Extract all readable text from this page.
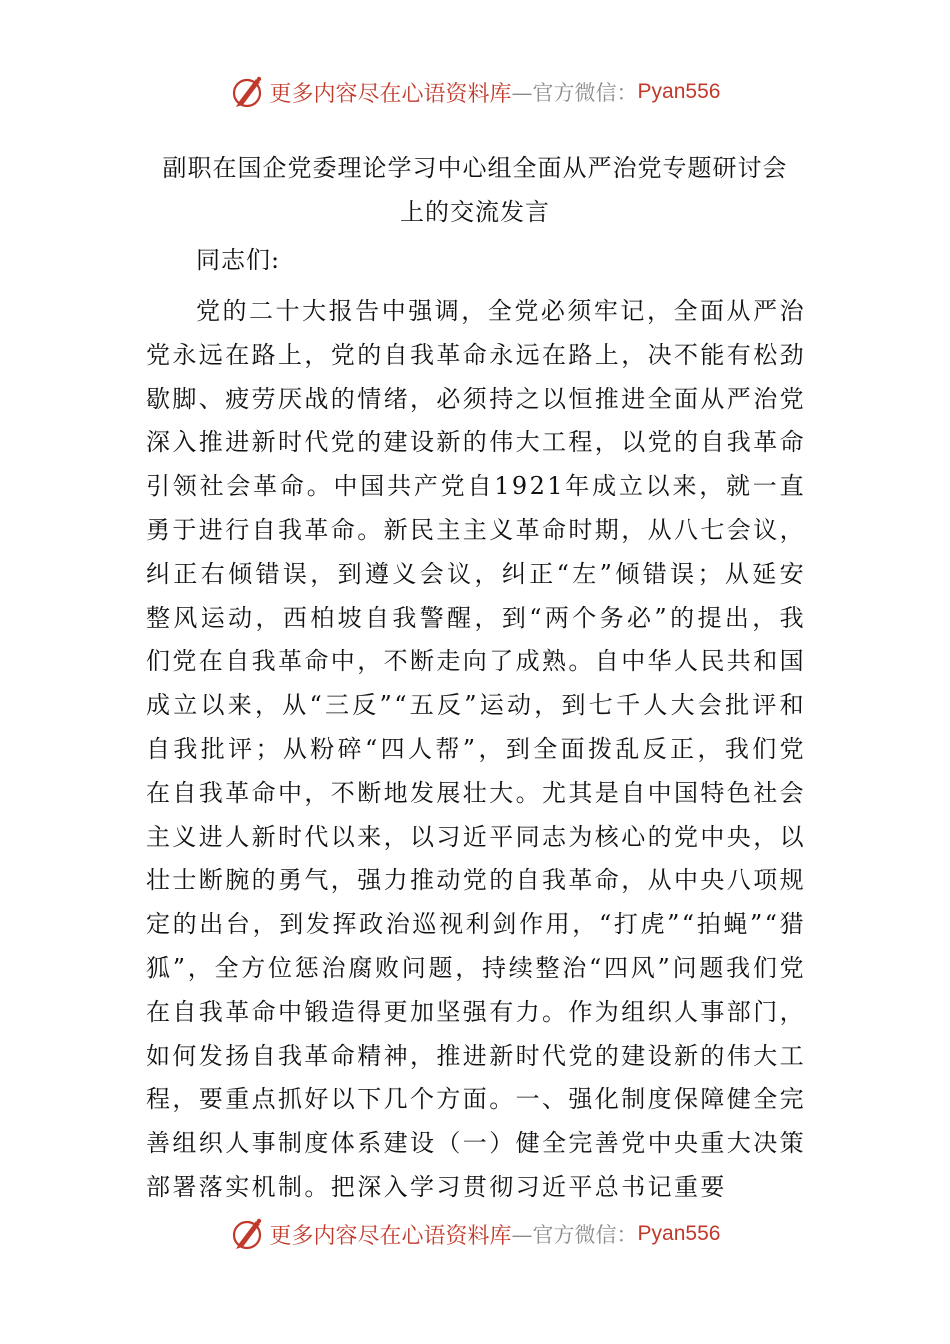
更多内容尽在心语资料库 —官方微信： Pyan556
副职在国企党委理论学习中心组全面从严治党专题研讨会
上的交流发言

同志们:

党的二十大报告中强调，全党必须牢记，全面从严治党永远在路上，党的自我革命永远在路上，决不能有松劲歇脚、疲劳厌战的情绪，必须持之以恒推进全面从严治党深入推进新时代党的建设新的伟大工程，以党的自我革命引领社会革命。中国共产党自1921年成立以来，就一直勇于进行自我革命。新民主主义革命时期，从八七会议，纠正右倾错误，到遵义会议，纠正“左”倾错误；从延安整风运动，西柏坡自我警醒，到“两个务必”的提出，我们党在自我革命中，不断走向了成熟。自中华人民共和国成立以来，从“三反”“五反”运动，到七千人大会批评和自我批评；从粉碎“四人帮”，到全面拨乱反正，我们党在自我革命中，不断地发展壮大。尤其是自中国特色社会主义进人新时代以来，以习近平同志为核心的党中央，以壮士断腕的勇气，强力推动党的自我革命，从中央八项规定的出台，到发挥政治巡视利剑作用，“打虎”“拍蝇”“猎狐”，全方位惩治腐败问题，持续整治“四风”问题我们党在自我革命中锻造得更加坚强有力。作为组织人事部门，如何发扬自我革命精神，推进新时代党的建设新的伟大工程，要重点抓好以下几个方面。一、强化制度保障健全完善组织人事制度体系建设（一）健全完善党中央重大决策部署落实机制。把深入学习贯彻习近平总书记重要

更多内容尽在心语资料库 —官方微信： Pyan556
